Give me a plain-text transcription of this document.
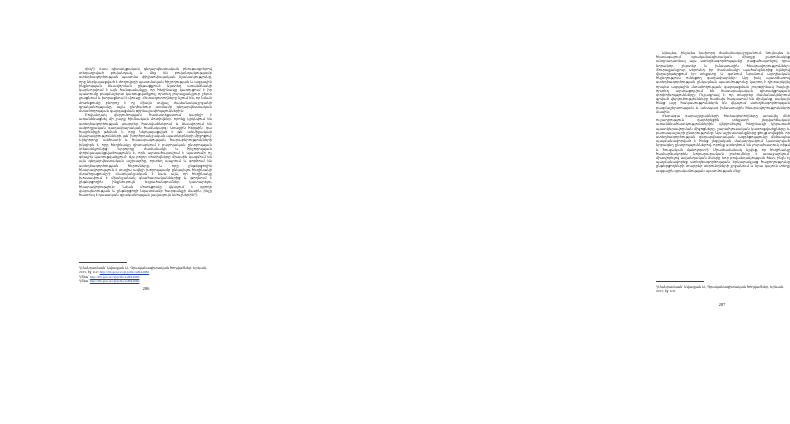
ղեկ¹): Հաս գիտակցական գեղարվեստական բնութագրերով տեղադրված բովանդակ, և մեջ են բովանդակությամբ ստեղծագործության պատմա փիլիսոփայական նշանակությունը, որը ներկայացված է ժողովրդի պատմական հիշողության և ազգային ինքնության ձևավորման ընթացքում։ Այստեղ առանձնակի կարևորվում է այն հանգամանքը, որ հեղինակը կառուցում է իր պատումը բազմաշերտ կառուցվածքով, որտեղ յուրաքանչյուր շերտ լրացնում և խորացնում է մյուսը։ Հետազոտողները նշում են, որ նման մոտեցումը բնորոշ է ոչ միայն տվյալ ժամանակաշրջանի գրականությանը, այլև ընդհանուր առմամբ գեղարվեստական մտածողության զարգացման օրինաչափություններին։

Բովանդակ վերլուծության համատեքստում կարելի է առանձնացնել մի շարք հիմնական մոտիվներ, որոնք կրկնվում են ստեղծագործության տարբեր հատվածներում և ձևավորում են ամբողջական գաղափարական համակարգ։ Առաջին հերթին՝ դա հայրենիքի թեման է, որը ներկայացված է թե՛ անմիջական նկարագրությունների, թե՛ խորհրդանշական պատկերների միջոցով։ Երկրորդը՝ անհատի և հասարակության հարաբերությունների խնդիրն է, որը հեղինակը դիտարկում է բարոյական ընտրության տեսանկյունից։ Երրորդը՝ ժամանակի և հիշողության փոխկապակցվածությունն է, որն արտահայտվում է պատումի ոչ գծային կառուցվածքում։ Այս բոլոր մոտիվները միասին կազմում են այն գեղարվեստական աշխարհը, որտեղ ապրում և գործում են ստեղծագործության հերոսները, և որը ընթերցողին հնարավորություն է տալիս ավելի խորությամբ ընկալելու հեղինակի մտահղացումը²)։ Հատկանշական է նաև այն, որ հեղինակը խուսափում է միանշանակ գնահատականներից և թողնում է ընթերցողին ինքնուրույն եզրահանգումներ կատարելու հնարավորություն։ Նման մոտեցումը վկայում է գրողի վարպետության և ընթերցողի նկատմամբ հարգանքի մասին, ինչը հատուկ է դասական գրականության լավագույն նմուշներին³)։

¹)Մանրամասն՝ Ավագյան Ա., Գրականագիտական հոդվածներ, Երևան, 2015, էջ 112։ http://lib.gen.rs/cgi/pdfs/1a8f4498d

²)Տես՝ http://lib.gen.rs/cgi/pdfs/1a8f4498d

³)Տես՝ http://lib.gen.rs/cgi/pdfs/1a8f4498d

286

Այնպես, ինչպես նախորդ ժամանակաշրջանում, նույնպես և հետագայում գրականագիտական միտքը շարունակեց անդրադառնալ այս ստեղծագործությանը՝ բացահայտելով դրա նորանոր շերտեր և իմաստային հնարավորություններ։ Յուրաքանչյուր սերունդ իր ժամանակի պահանջներից ելնելով վերաընթերցում էր տեքստը և գտնում նրանում արդիական հնչեղություն ունեցող գաղափարներ։ Այդ իսկ պատճառով ստեղծագործության ընկալման պատմությունը կարող է դիտարկվել որպես ազգային մտածողության զարգացման յուրօրինակ հայելի, որտեղ արտացոլվում են հասարակական գիտակցության փոփոխությունները։ Ուշագրավ է, որ տարբեր ժամանակներում գրված վերլուծությունները հաճախ հակասում են միմյանց, սակայն հենց այդ հակասություններն են վկայում ստեղծագործության բազմաշերտության և անսպառ իմաստային հնարավորությունների մասին։

Հետագա դարաշրջանների հետազոտողները առավել մեծ ուշադրություն դարձրեցին տեքստի լեզվաոճական առանձնահատկություններին՝ վերլուծելով հեղինակի կիրառած պատկերավորման միջոցները, շարահյուսական կառուցվածքները և բառապաշարի ընտրությունը։ Այս աշխատանքները ցույց տվեցին, որ ստեղծագործության գեղարվեստական ազդեցությունը մեծապես պայմանավորված է հենց լեզվական մակարդակում կատարված նրբագեղ ընտրություններով, որոնք ստեղծում են յուրահատուկ ռիթմ և հուզական մթնոլորտ¹)։ Միաժամանակ նշվեց, որ հեղինակը համարձակորեն նորարարական լուծումներ է առաջարկում՝ միավորելով ավանդական ձևերը նոր բովանդակության հետ, ինչն էլ պայմանավորեց ստեղծագործության երկարակյաց հաջողությունը ընթերցողների տարբեր սերունդների շրջանում և նրա կայուն տեղը ազգային գրականության պատմության մեջ։

¹)Մանրամասն՝ Ավագյան Ա., Գրականագիտական հոդվածներ, Երևան, 2015, էջ 118։

287
